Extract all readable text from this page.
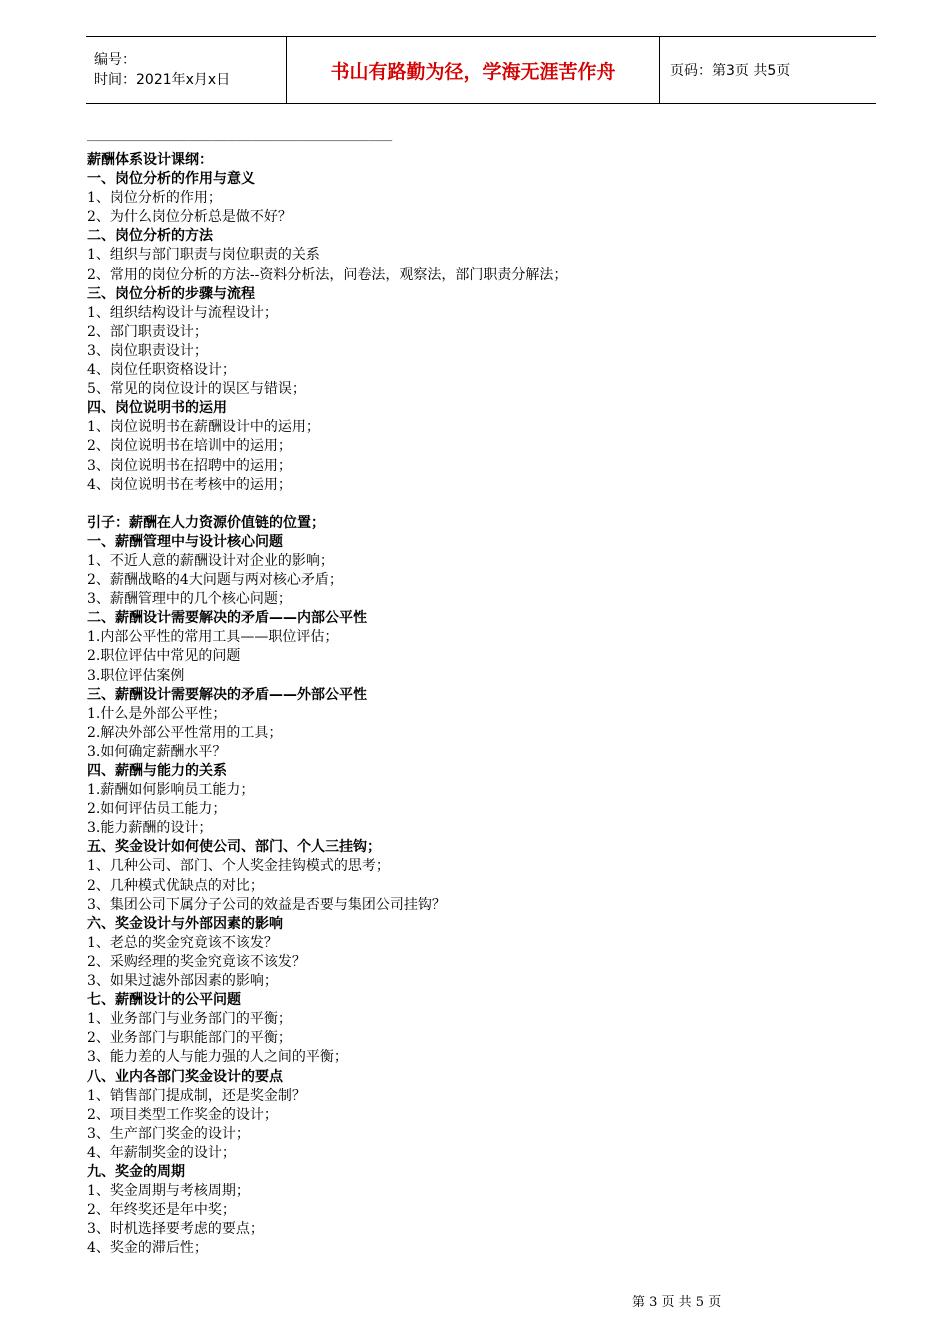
编号：
时间：2021年x月x日	书山有路勤为径，学海无涯苦作舟	页码：第3页 共5页
_______________________________________
薪酬体系设计课纲：
一、岗位分析的作用与意义
1、岗位分析的作用；
2、为什么岗位分析总是做不好？
二、岗位分析的方法
1、组织与部门职责与岗位职责的关系
2、常用的岗位分析的方法--资料分析法，问卷法，观察法，部门职责分解法；
三、岗位分析的步骤与流程
1、组织结构设计与流程设计；
2、部门职责设计；
3、岗位职责设计；
4、岗位任职资格设计；
5、常见的岗位设计的误区与错误；
四、岗位说明书的运用
1、岗位说明书在薪酬设计中的运用；
2、岗位说明书在培训中的运用；
3、岗位说明书在招聘中的运用；
4、岗位说明书在考核中的运用；
引子：薪酬在人力资源价值链的位置；
一、薪酬管理中与设计核心问题
1、不近人意的薪酬设计对企业的影响；
2、薪酬战略的4大问题与两对核心矛盾；
3、薪酬管理中的几个核心问题；
二、薪酬设计需要解决的矛盾——内部公平性
1.内部公平性的常用工具——职位评估；
2.职位评估中常见的问题
3.职位评估案例
三、薪酬设计需要解决的矛盾——外部公平性
1.什么是外部公平性；
2.解决外部公平性常用的工具；
3.如何确定薪酬水平？
四、薪酬与能力的关系
1.薪酬如何影响员工能力；
2.如何评估员工能力；
3.能力薪酬的设计；
五、奖金设计如何使公司、部门、个人三挂钩；
1、几种公司、部门、个人奖金挂钩模式的思考；
2、几种模式优缺点的对比；
3、集团公司下属分子公司的效益是否要与集团公司挂钩？
六、奖金设计与外部因素的影响
1、老总的奖金究竟该不该发？
2、采购经理的奖金究竟该不该发？
3、如果过滤外部因素的影响；
七、薪酬设计的公平问题
1、业务部门与业务部门的平衡；
2、业务部门与职能部门的平衡；
3、能力差的人与能力强的人之间的平衡；
八、业内各部门奖金设计的要点
1、销售部门提成制，还是奖金制？
2、项目类型工作奖金的设计；
3、生产部门奖金的设计；
4、年薪制奖金的设计；
九、奖金的周期
1、奖金周期与考核周期；
2、年终奖还是年中奖；
3、时机选择要考虑的要点；
4、奖金的滞后性；
第 3 页 共 5 页
